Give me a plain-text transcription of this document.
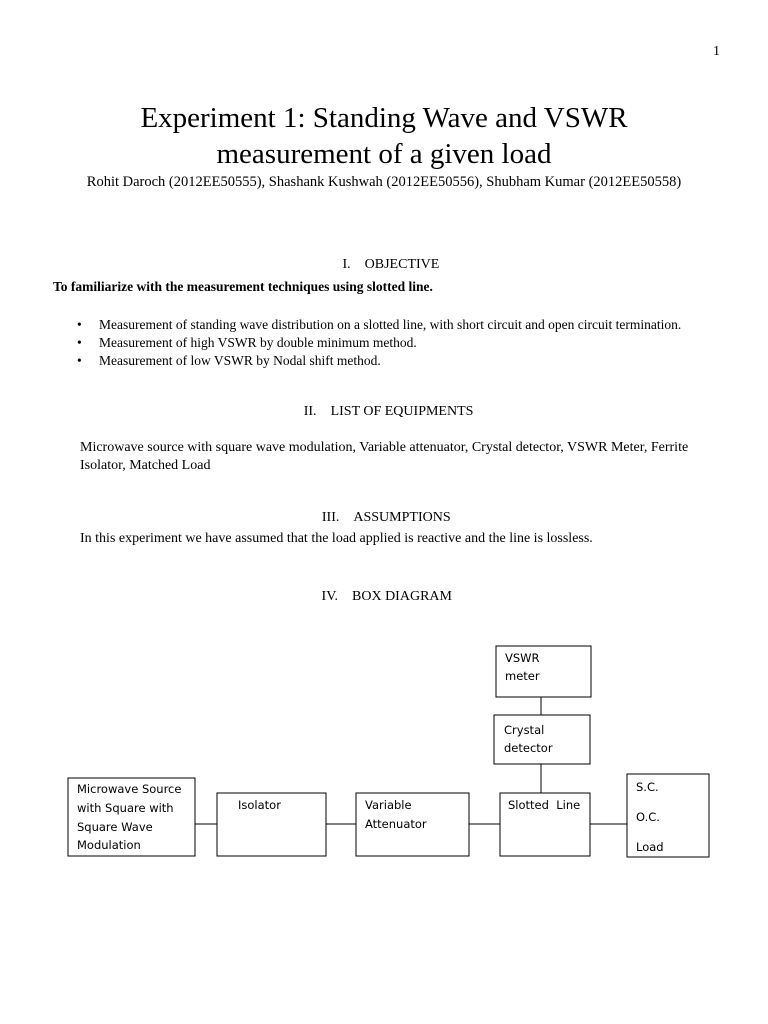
1
Experiment 1: Standing Wave and VSWR
measurement of a given load
Rohit Daroch (2012EE50555), Shashank Kushwah (2012EE50556), Shubham Kumar (2012EE50558)
I. OBJECTIVE
To familiarize with the measurement techniques using slotted line.
• Measurement of standing wave distribution on a slotted line, with short circuit and open circuit termination.
• Measurement of high VSWR by double minimum method.
• Measurement of low VSWR by Nodal shift method.
II. LIST OF EQUIPMENTS
Microwave source with square wave modulation, Variable attenuator, Crystal detector, VSWR Meter, Ferrite Isolator, Matched Load
III. ASSUMPTIONS
In this experiment we have assumed that the load applied is reactive and the line is lossless.
IV. BOX DIAGRAM
VSWR
meter
Crystal
detector
Microwave Source
with Square with
Square Wave
Modulation
Isolator	Variable
Attenuator
Slotted  Line
S.C.
O.C.
Load
